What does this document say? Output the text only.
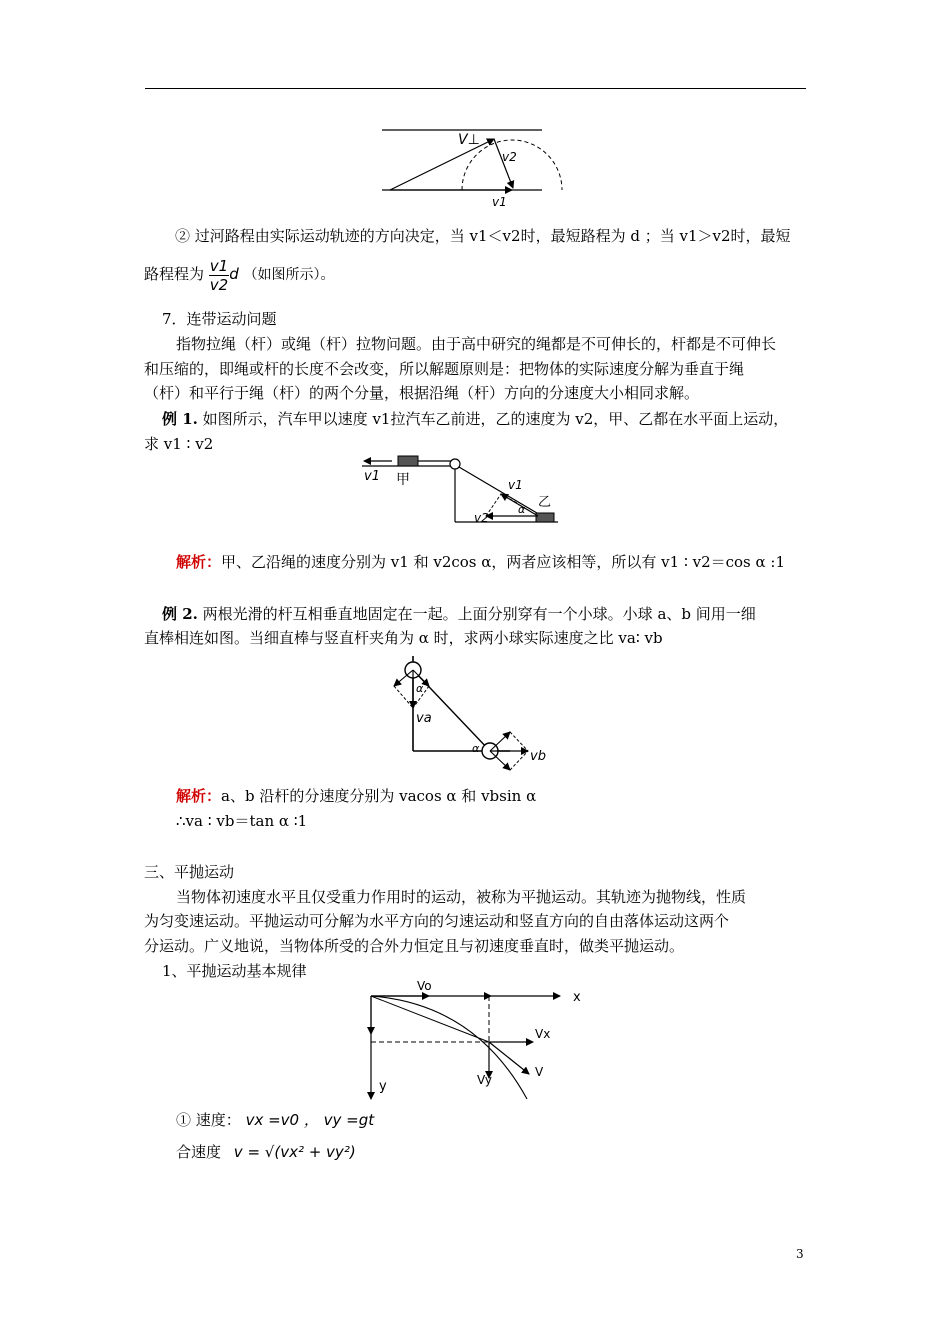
V⊥
v2
v1
② 过河路程由实际运动轨迹的方向决定，当 v1＜v2时，最短路程为 d ；当 v1＞v2时，最短
路程程为 $\frac{v1}{v2}$ d （如图所示）。
7．连带运动问题
指物拉绳（杆）或绳（杆）拉物问题。由于高中研究的绳都是不可伸长的，杆都是不可伸长
和压缩的，即绳或杆的长度不会改变，所以解题原则是：把物体的实际速度分解为垂直于绳
（杆）和平行于绳（杆）的两个分量，根据沿绳（杆）方向的分速度大小相同求解。
例 1. 如图所示，汽车甲以速度 v1拉汽车乙前进，乙的速度为 v2，甲、乙都在水平面上运动，
求 v1 ∶ v2
v1 甲	v1
乙
α
v2
解析：甲、乙沿绳的速度分别为 v1 和 v2cos α，两者应该相等，所以有 v1 ∶ v2＝cos α :1
例 2. 两根光滑的杆互相垂直地固定在一起。上面分别穿有一个小球。小球 a、b 间用一细
直棒相连如图。当细直棒与竖直杆夹角为 α 时，求两小球实际速度之比 va∶ vb
α
va
α
vb
解析：a、b 沿杆的分速度分别为 vacos α 和 vbsin α
∴va ∶ vb＝tan α ∶1
三、平抛运动
当物体初速度水平且仅受重力作用时的运动，被称为平抛运动。其轨迹为抛物线，性质
为匀变速运动。平抛运动可分解为水平方向的匀速运动和竖直方向的自由落体运动这两个
分运动。广义地说，当物体所受的合外力恒定且与初速度垂直时，做类平抛运动。
1、平抛运动基本规律
Vo
x
Vx
Vy
V
y
① 速度： vx =v0 ， vy =gt
合速度 v = √(vx² + vy²)
3
